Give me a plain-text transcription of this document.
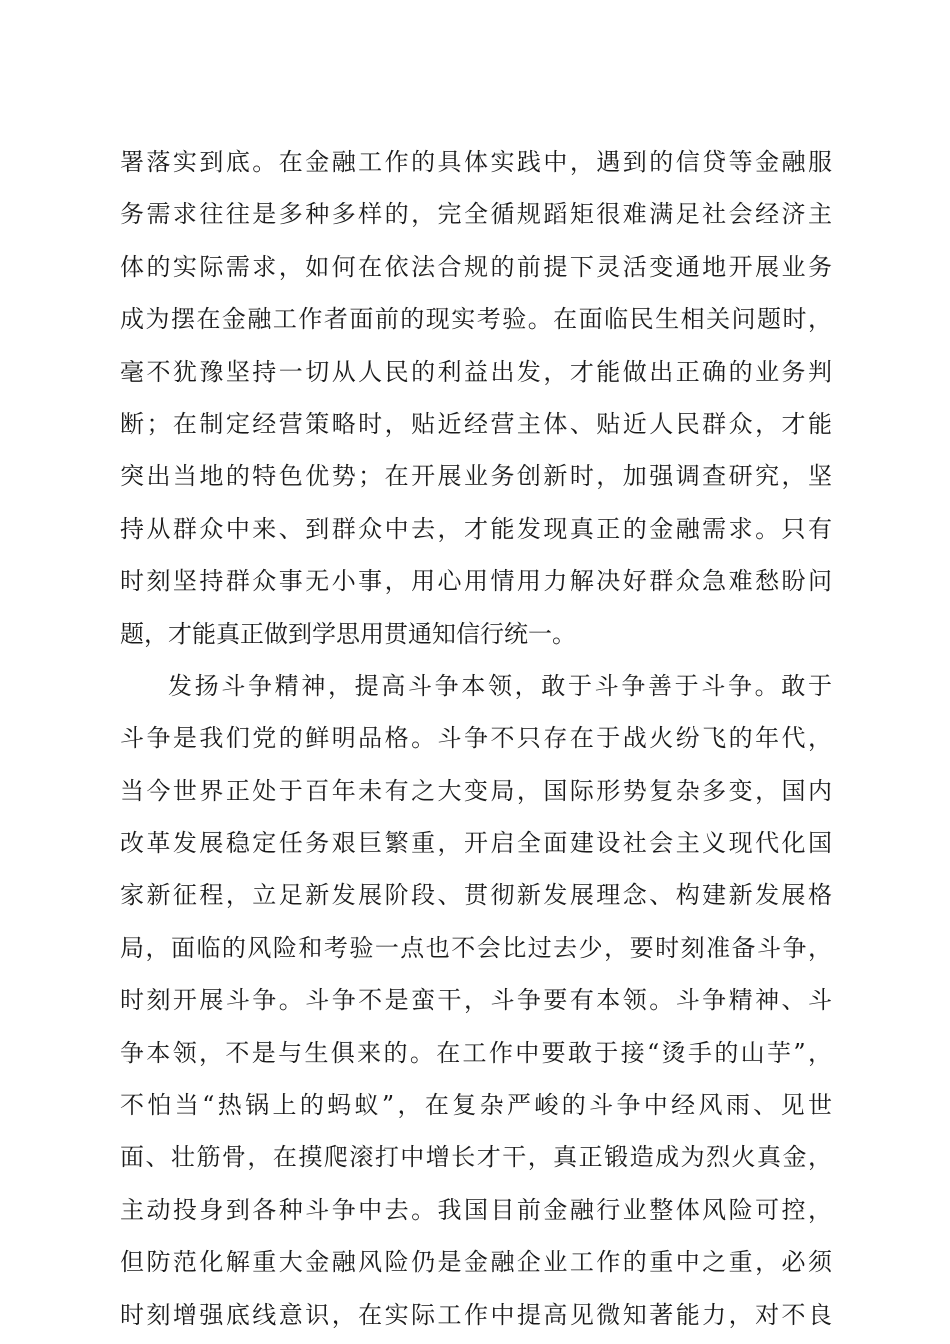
署落实到底。在金融工作的具体实践中，遇到的信贷等金融服
务需求往往是多种多样的，完全循规蹈矩很难满足社会经济主
体的实际需求，如何在依法合规的前提下灵活变通地开展业务
成为摆在金融工作者面前的现实考验。在面临民生相关问题时，
毫不犹豫坚持一切从人民的利益出发，才能做出正确的业务判
断；在制定经营策略时，贴近经营主体、贴近人民群众，才能
突出当地的特色优势；在开展业务创新时，加强调查研究，坚
持从群众中来、到群众中去，才能发现真正的金融需求。只有
时刻坚持群众事无小事，用心用情用力解决好群众急难愁盼问
题，才能真正做到学思用贯通知信行统一。
发扬斗争精神，提高斗争本领，敢于斗争善于斗争。敢于
斗争是我们党的鲜明品格。斗争不只存在于战火纷飞的年代，
当今世界正处于百年未有之大变局，国际形势复杂多变，国内
改革发展稳定任务艰巨繁重，开启全面建设社会主义现代化国
家新征程，立足新发展阶段、贯彻新发展理念、构建新发展格
局，面临的风险和考验一点也不会比过去少，要时刻准备斗争，
时刻开展斗争。斗争不是蛮干，斗争要有本领。斗争精神、斗
争本领，不是与生俱来的。在工作中要敢于接“烫手的山芋”，
不怕当“热锅上的蚂蚁”，在复杂严峻的斗争中经风雨、见世
面、壮筋骨，在摸爬滚打中增长才干，真正锻造成为烈火真金，
主动投身到各种斗争中去。我国目前金融行业整体风险可控，
但防范化解重大金融风险仍是金融企业工作的重中之重，必须
时刻增强底线意识，在实际工作中提高见微知著能力，对不良
